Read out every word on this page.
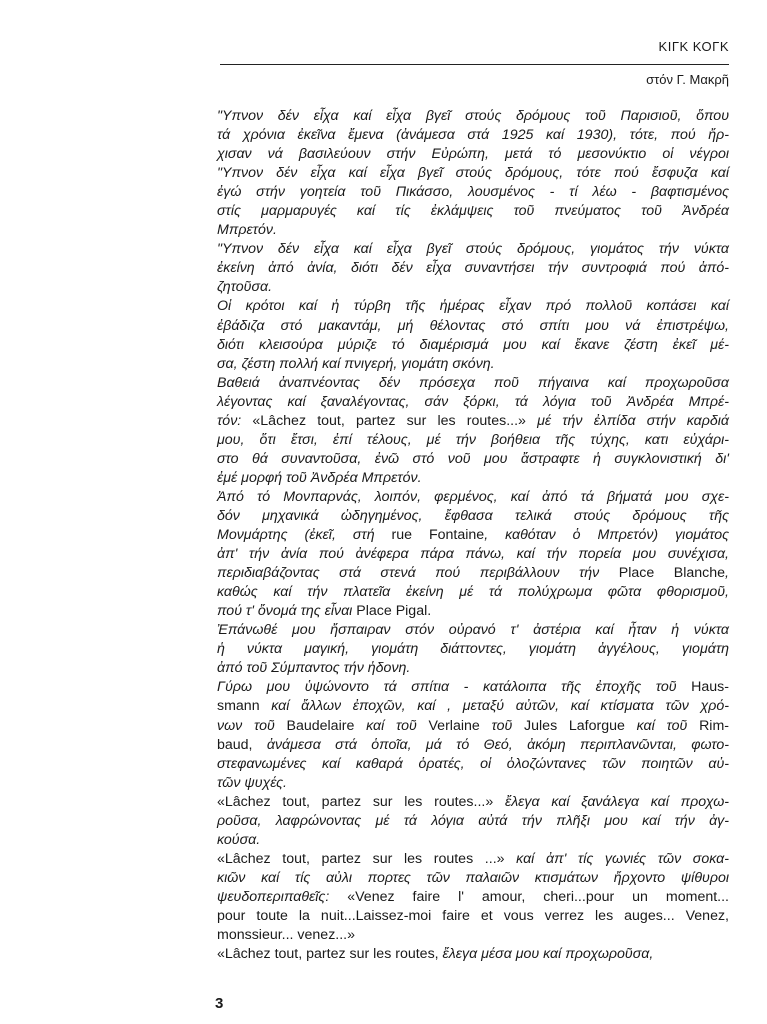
ΚΙΓΚ ΚΟΓΚ
στόν Γ. Μακρῆ
"Υπνον δέν εἶχα καί εἶχα βγεῖ στούς δρόμους τοῦ Παρισιοῦ, ὅπου
τά χρόνια ἐκεῖνα ἔμενα (ἀνάμεσα στά 1925 καί 1930), τότε, πού ἤρ-
χισαν νά βασιλεύουν στήν Εὐρώπη, μετά τό μεσονύκτιο οἱ νέγροι
"Υπνον δέν εἶχα καί εἶχα βγεῖ στούς δρόμους, τότε πού ἔσφυζα καί
ἐγώ στήν γοητεία τοῦ Πικάσσο, λουσμένος - τί λέω - βαφτισμένος
στίς μαρμαρυγές καί τίς ἐκλάμψεις τοῦ πνεύματος τοῦ Ἀνδρέα
Μπρετόν.
"Υπνον δέν εἶχα καί εἶχα βγεῖ στούς δρόμους, γιομάτος τήν νύκτα
ἐκείνη ἀπό ἀνία, διότι δέν εἶχα συναντήσει τήν συντροφιά πού ἀπό-
ζητοῦσα.
Οἱ κρότοι καί ἡ τύρβη τῆς ἡμέρας εἶχαν πρό πολλοῦ κοπάσει καί
ἐβάδιζα στό μακαντάμ, μή θέλοντας στό σπίτι μου νά ἐπιστρέψω,
διότι κλεισούρα μύριζε τό διαμέρισμά μου καί ἔκανε ζέστη ἐκεῖ μέ-
σα, ζέστη πολλή καί πνιγερή, γιομάτη σκόνη.
Βαθειά ἀναπνέοντας δέν πρόσεχα ποῦ πήγαινα καί προχωροῦσα
λέγοντας καί ξαναλέγοντας, σάν ξόρκι, τά λόγια τοῦ Ἀνδρέα Μπρέ-
τόν: «Lâchez tout, partez sur les routes...» μέ τήν ἐλπίδα στήν καρδιά
μου, ὅτι ἔτσι, ἐπί τέλους, μέ τήν βοήθεια τῆς τύχης, κατι εὐχάρι-
στο θά συναντοῦσα, ἐνῶ στό νοῦ μου ἄστραφτε ἡ συγκλονιστική δι'
ἐμέ μορφή τοῦ Ἀνδρέα Μπρετόν.
Ἀπό τό Μονπαρνάς, λοιπόν, φερμένος, καί ἀπό τά βήματά μου σχε-
δόν μηχανικά ὠδηγημένος, ἔφθασα τελικά στούς δρόμους τῆς
Μονμάρτης (ἐκεῖ, στή rue Fontaine, καθόταν ὁ Μπρετόν) γιομάτος
ἀπ' τήν ἀνία πού ἀνέφερα πάρα πάνω, καί τήν πορεία μου συνέχισα,
περιδιαβάζοντας στά στενά πού περιβάλλουν τήν Place Blanche,
καθώς καί τήν πλατεῖα ἐκείνη μέ τά πολύχρωμα φῶτα φθορισμοῦ,
πού τ' ὄνομά της εἶναι Place Pigal.
Ἐπάνωθέ μου ἤσπαιραν στόν οὐρανό τ' ἀστέρια καί ἦταν ἡ νύκτα
ἡ νύκτα μαγική, γιομάτη διάττοντες, γιομάτη ἀγγέλους, γιομάτη
ἀπό τοῦ Σύμπαντος τήν ἡδονη.
Γύρω μου ὑψώνοντο τά σπίτια - κατάλοιπα τῆς ἐποχῆς τοῦ Haus-
smann καί ἄλλων ἐποχῶν, καί , μεταξύ αὐτῶν, καί κτίσματα τῶν χρό-
νων τοῦ Baudelaire καί τοῦ Verlaine τοῦ Jules Laforgue καί τοῦ Rim-
baud, ἀνάμεσα στά ὁποῖα, μά τό Θεό, ἀκόμη περιπλανῶνται, φωτο-
στεφανωμένες καί καθαρά ὁρατές, οἱ ὁλοζώντανες τῶν ποιητῶν αὐ-
τῶν ψυχές.
«Lâchez tout, partez sur les routes...» ἔλεγα καί ξανάλεγα καί προχω-
ροῦσα, λαφρώνοντας μέ τά λόγια αὐτά τήν πλῆξι μου καί τήν ἀγ-
κούσα.
«Lâchez tout, partez sur les routes ...» καί ἀπ' τίς γωνιές τῶν σοκα-
κιῶν καί τίς αὐλι πορτες τῶν παλαιῶν κτισμάτων ἤρχοντο ψίθυροι
ψευδοπεριπαθεῖς: «Venez faire l' amour, cheri...pour un moment...
pour toute la nuit...Laissez-moi faire et vous verrez les auges... Venez,
monssieur... venez...»
«Lâchez tout, partez sur les routes, ἔλεγα μέσα μου καί προχωροῦσα,
3
